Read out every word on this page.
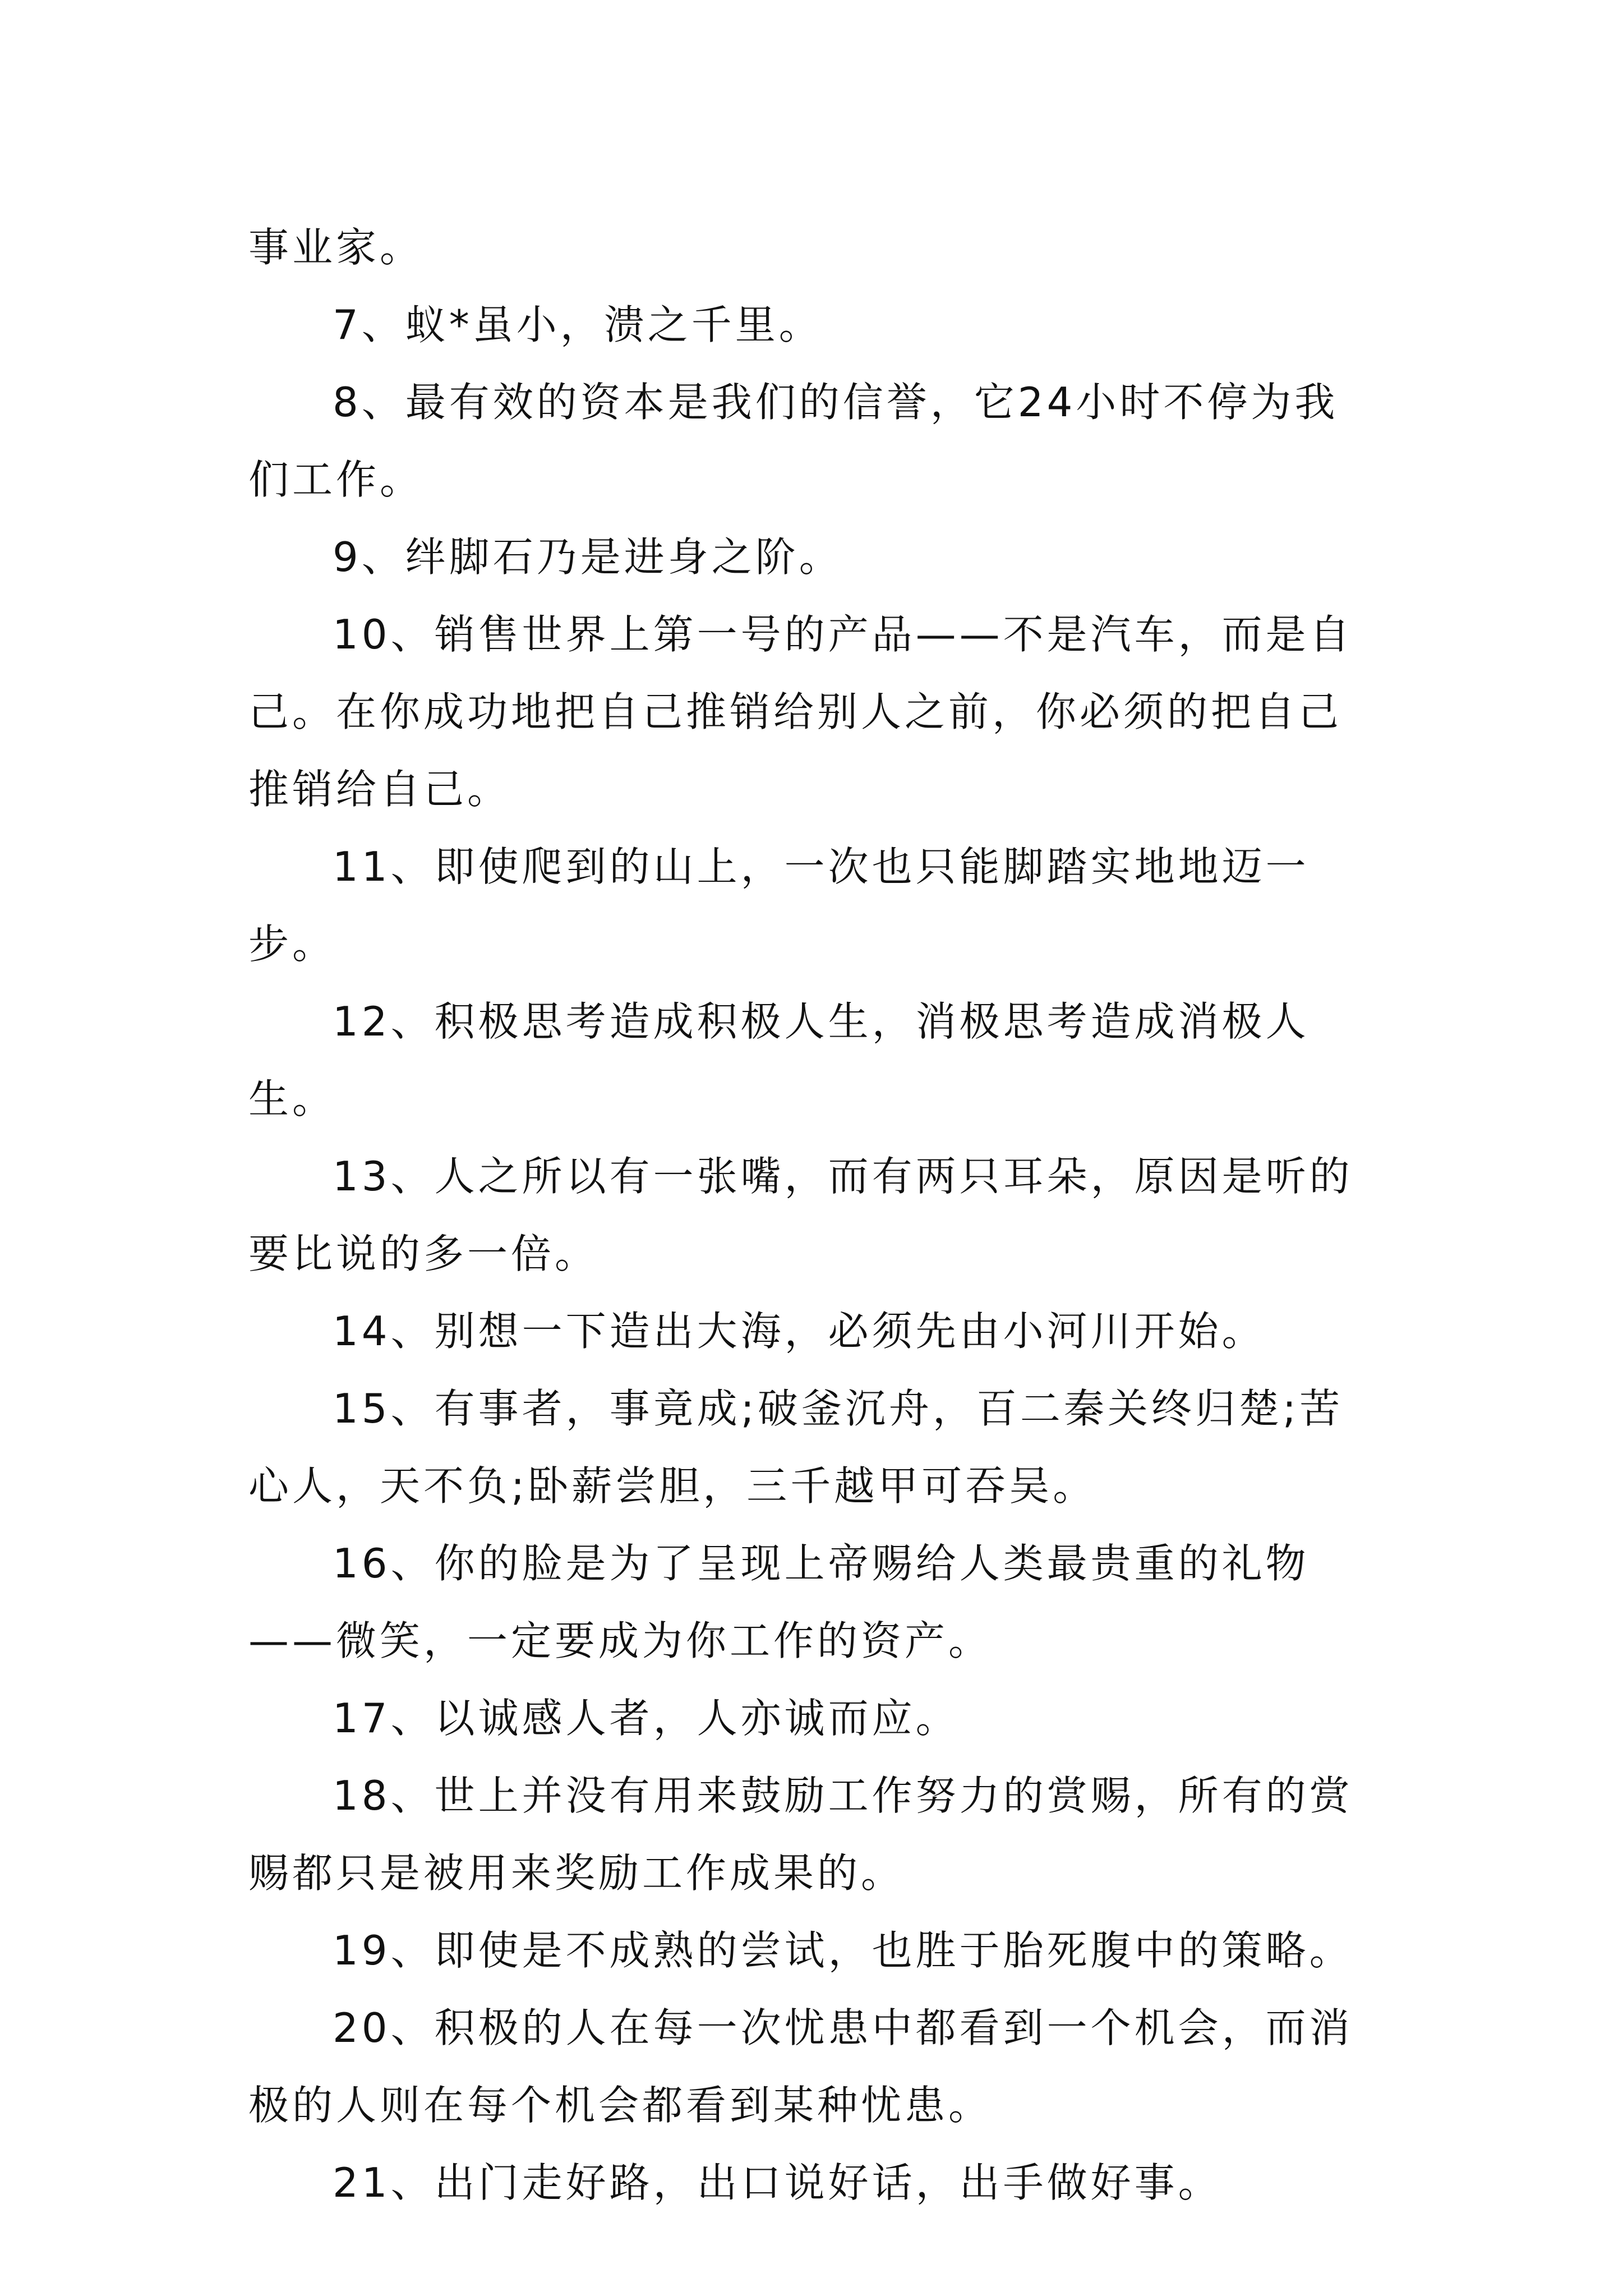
事业家。

7、蚁*虽小，溃之千里。

8、最有效的资本是我们的信誉，它24小时不停为我们工作。

9、绊脚石乃是进身之阶。

10、销售世界上第一号的产品——不是汽车，而是自己。在你成功地把自己推销给别人之前，你必须的把自己推销给自己。

11、即使爬到的山上，一次也只能脚踏实地地迈一步。

12、积极思考造成积极人生，消极思考造成消极人生。

13、人之所以有一张嘴，而有两只耳朵，原因是听的要比说的多一倍。

14、别想一下造出大海，必须先由小河川开始。

15、有事者，事竟成;破釜沉舟，百二秦关终归楚;苦心人，天不负;卧薪尝胆，三千越甲可吞吴。

16、你的脸是为了呈现上帝赐给人类最贵重的礼物——微笑，一定要成为你工作的资产。

17、以诚感人者，人亦诚而应。

18、世上并没有用来鼓励工作努力的赏赐，所有的赏赐都只是被用来奖励工作成果的。

19、即使是不成熟的尝试，也胜于胎死腹中的策略。

20、积极的人在每一次忧患中都看到一个机会，而消极的人则在每个机会都看到某种忧患。

21、出门走好路，出口说好话，出手做好事。
